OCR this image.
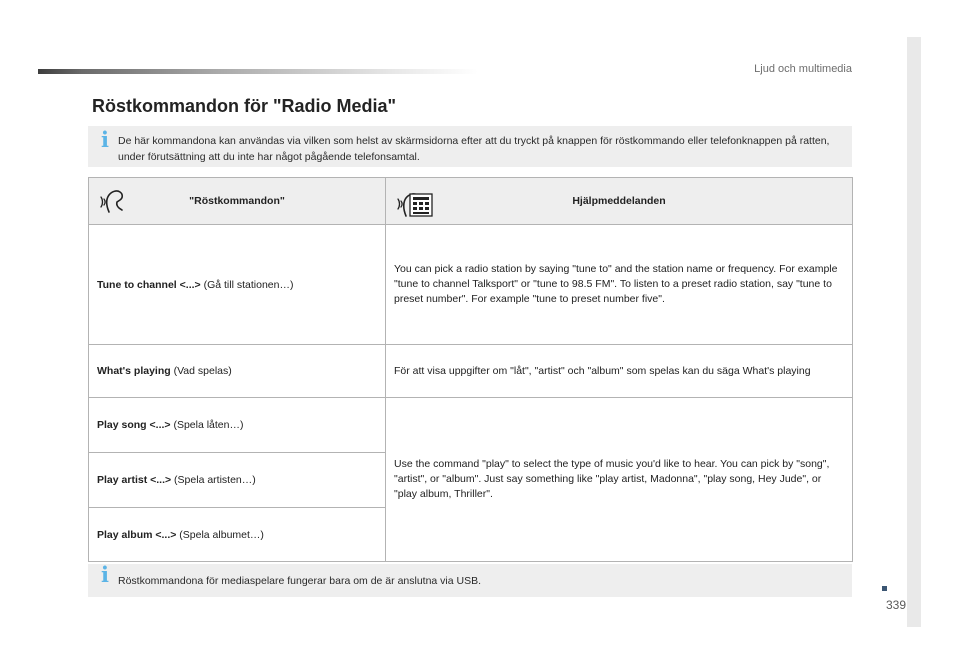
Ljud och multimedia
339
Röstkommandon för "Radio Media"
i De här kommandona kan användas via vilken som helst av skärmsidorna efter att du tryckt på knappen för röstkommando eller telefonknappen på ratten, under förutsättning att du inte har något pågående telefonsamtal.
"Röstkommandon"	Hjälpmeddelanden

Tune to channel <...> (Gå till stationen…)	You can pick a radio station by saying "tune to" and the station name or frequency. For example "tune to channel Talksport" or "tune to 98.5 FM". To listen to a preset radio station, say "tune to preset number". For example "tune to preset number five".
What's playing (Vad spelas)	För att visa uppgifter om "låt", "artist" och "album" som spelas kan du säga What's playing
Play song <...> (Spela låten…)	Use the command "play" to select the type of music you'd like to hear. You can pick by "song", "artist", or "album". Just say something like "play artist, Madonna", "play song, Hey Jude", or "play album, Thriller".
Play artist <...> (Spela artisten…)	
Play album <...> (Spela albumet…)	
i Röstkommandona för mediaspelare fungerar bara om de är anslutna via USB.
